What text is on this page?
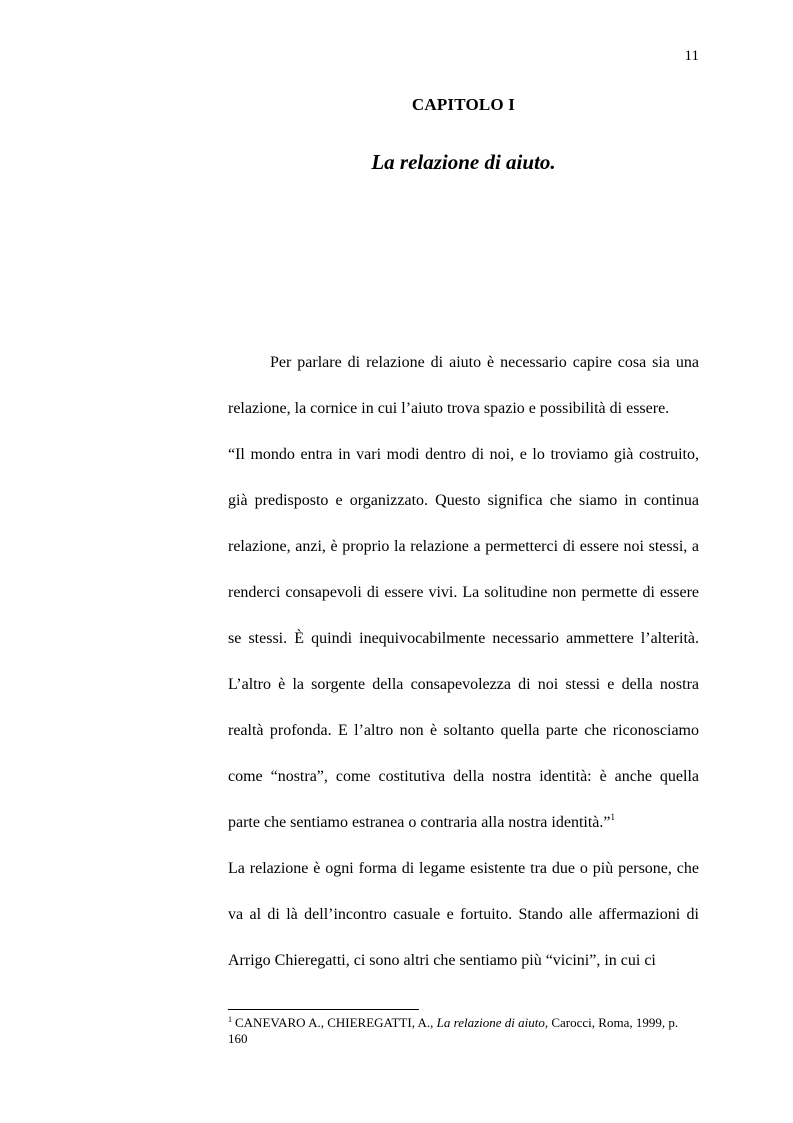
11
CAPITOLO I
La relazione di aiuto.

Per parlare di relazione di aiuto è necessario capire cosa sia una relazione, la cornice in cui l’aiuto trova spazio e possibilità di essere.

“Il mondo entra in vari modi dentro di noi, e lo troviamo già costruito, già predisposto e organizzato. Questo significa che siamo in continua relazione, anzi, è proprio la relazione a permetterci di essere noi stessi, a renderci consapevoli di essere vivi. La solitudine non permette di essere se stessi. È quindi inequivocabilmente necessario ammettere l’alterità. L’altro è la sorgente della consapevolezza di noi stessi e della nostra realtà profonda. E l’altro non è soltanto quella parte che riconosciamo come “nostra”, come costitutiva della nostra identità: è anche quella parte che sentiamo estranea o contraria alla nostra identità.”$^1$

La relazione è ogni forma di legame esistente tra due o più persone, che va al di là dell’incontro casuale e fortuito. Stando alle affermazioni di Arrigo Chieregatti, ci sono altri che sentiamo più “vicini”, in cui ci

$^1$ CANEVARO A., CHIEREGATTI, A., La relazione di aiuto, Carocci, Roma, 1999, p. 160
